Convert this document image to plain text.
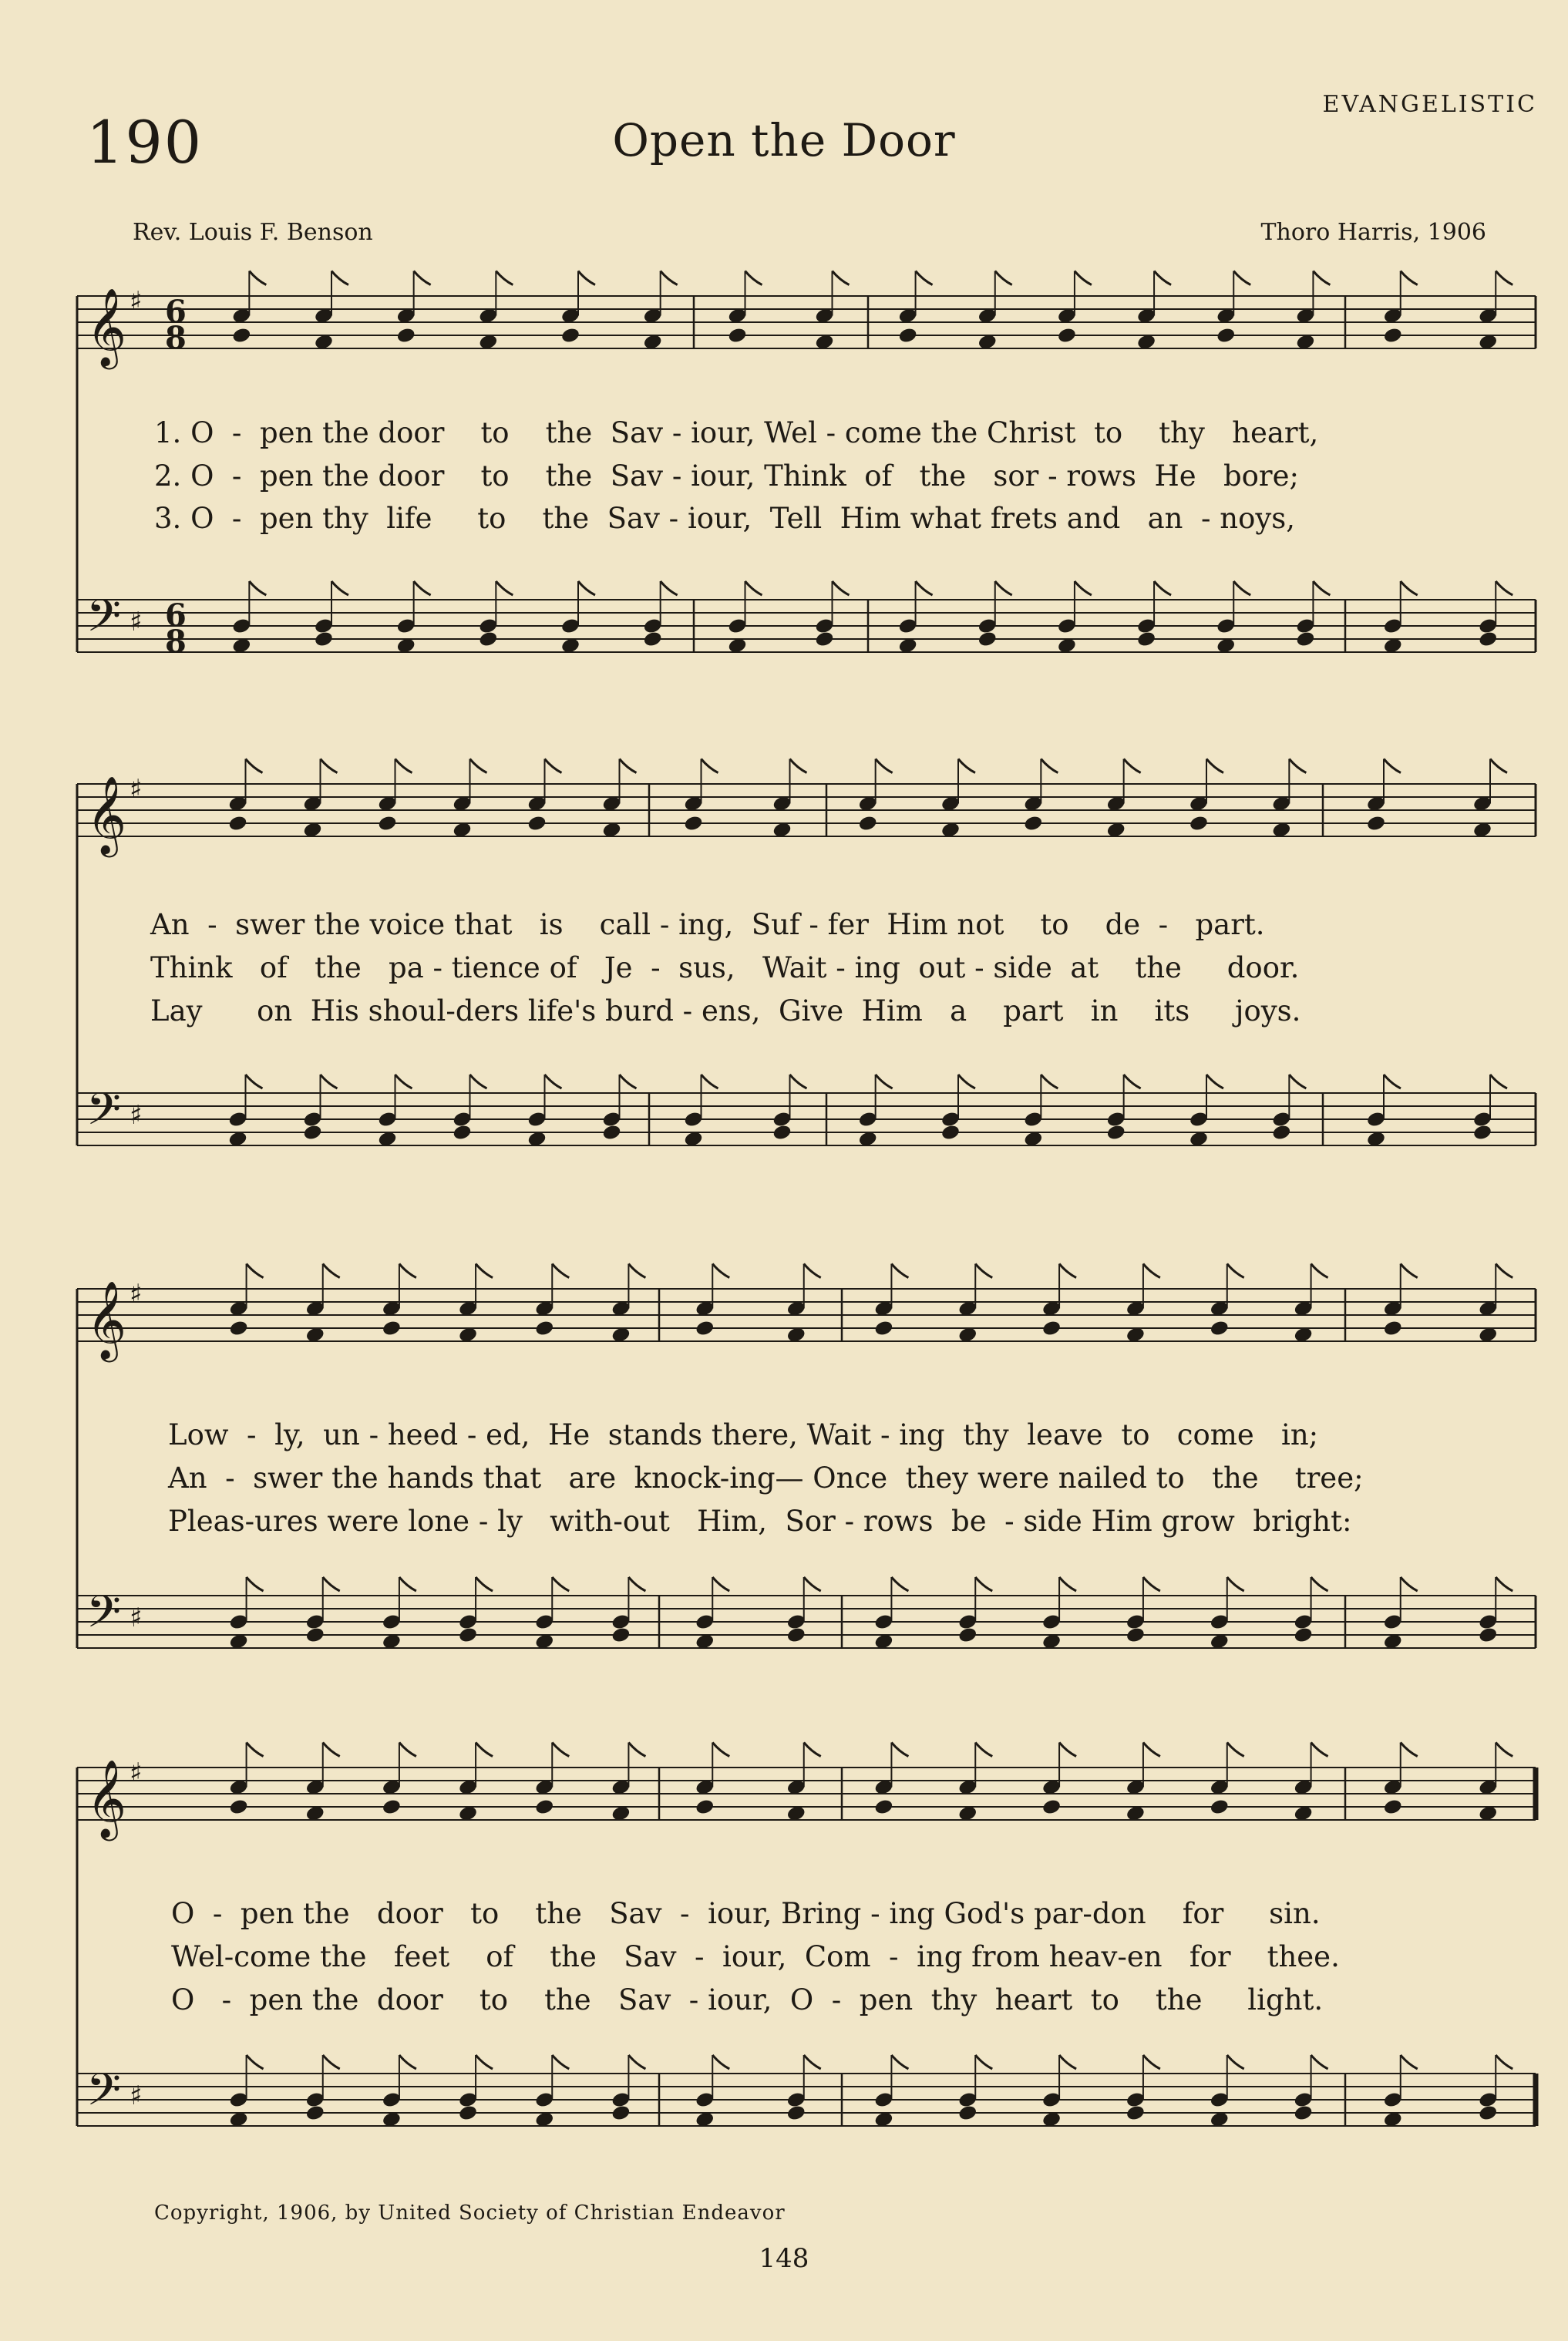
190	Open the Door
EVANGELISTIC
Rev. Louis F. Benson	Thoro Harris, 1906
𝄞 ♯ 6
8
𝄢 ♯ 6
8
𝄞 ♯
𝄢 ♯
𝄞 ♯
𝄢 ♯
𝄞 ♯
𝄢 ♯
1. O  -  pen the door    to    the  Sav - iour, Wel - come the Christ  to    thy   heart,
2. O  -  pen the door    to    the  Sav - iour, Think  of   the   sor - rows  He   bore;
3. O  -  pen thy  life     to    the  Sav - iour,  Tell  Him what frets and   an  - noys,
An  -  swer the voice that   is    call - ing,  Suf - fer  Him not    to    de  -   part.
Think   of   the   pa - tience of   Je  -  sus,   Wait - ing  out - side  at    the     door.
Lay      on  His shoul-ders life's burd - ens,  Give  Him   a    part   in    its     joys.
Low  -  ly,  un - heed - ed,  He  stands there, Wait - ing  thy  leave  to   come   in;
An  -  swer the hands that   are  knock-ing— Once  they were nailed to   the    tree;
Pleas-ures were lone - ly   with-out   Him,  Sor - rows  be  - side Him grow  bright:
O  -  pen the   door   to    the   Sav  -  iour, Bring - ing God's par-don    for     sin.
Wel-come the   feet    of    the   Sav  -  iour,  Com  -  ing from heav-en   for    thee.
O   -  pen the  door    to    the   Sav  - iour,  O  -  pen  thy  heart  to    the     light.
Copyright, 1906, by United Society of Christian Endeavor
148
